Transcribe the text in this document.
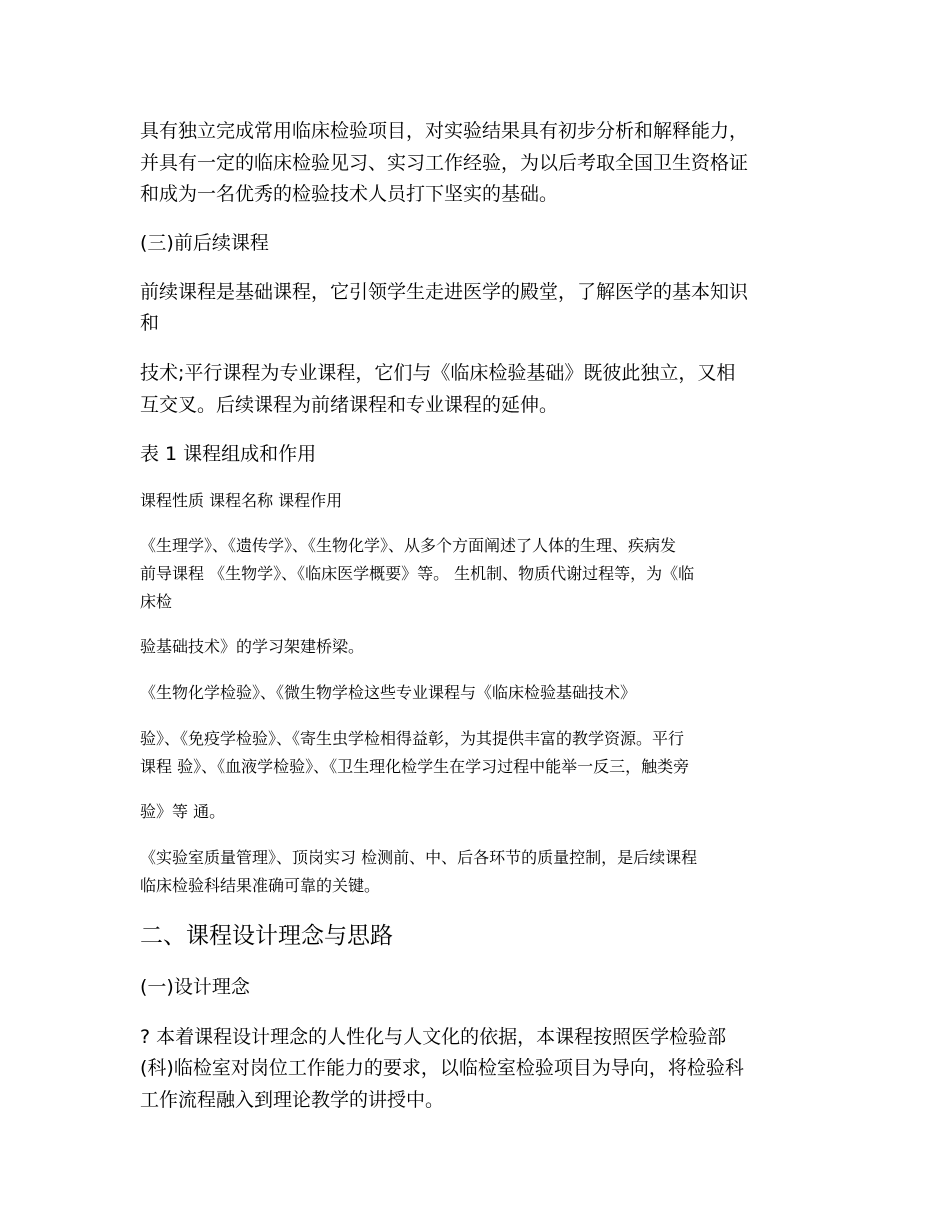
具有独立完成常用临床检验项目，对实验结果具有初步分析和解释能力，
并具有一定的临床检验见习、实习工作经验，为以后考取全国卫生资格证
和成为一名优秀的检验技术人员打下坚实的基础。
(三)前后续课程
前续课程是基础课程，它引领学生走进医学的殿堂，了解医学的基本知识
和
技术;平行课程为专业课程，它们与《临床检验基础》既彼此独立，又相
互交叉。后续课程为前绪课程和专业课程的延伸。
表 1 课程组成和作用
课程性质 课程名称 课程作用
《生理学》、《遗传学》、《生物化学》、从多个方面阐述了人体的生理、疾病发
前导课程 《生物学》、《临床医学概要》等。 生机制、物质代谢过程等，为《临
床检
验基础技术》的学习架建桥梁。
《生物化学检验》、《微生物学检这些专业课程与《临床检验基础技术》
验》、《免疫学检验》、《寄生虫学检相得益彰，为其提供丰富的教学资源。平行
课程 验》、《血液学检验》、《卫生理化检学生在学习过程中能举一反三，触类旁
验》等 通。
《实验室质量管理》、顶岗实习 检测前、中、后各环节的质量控制，是后续课程
临床检验科结果准确可靠的关键。
二、课程设计理念与思路
(一)设计理念
? 本着课程设计理念的人性化与人文化的依据，本课程按照医学检验部
(科)临检室对岗位工作能力的要求，以临检室检验项目为导向，将检验科
工作流程融入到理论教学的讲授中。
